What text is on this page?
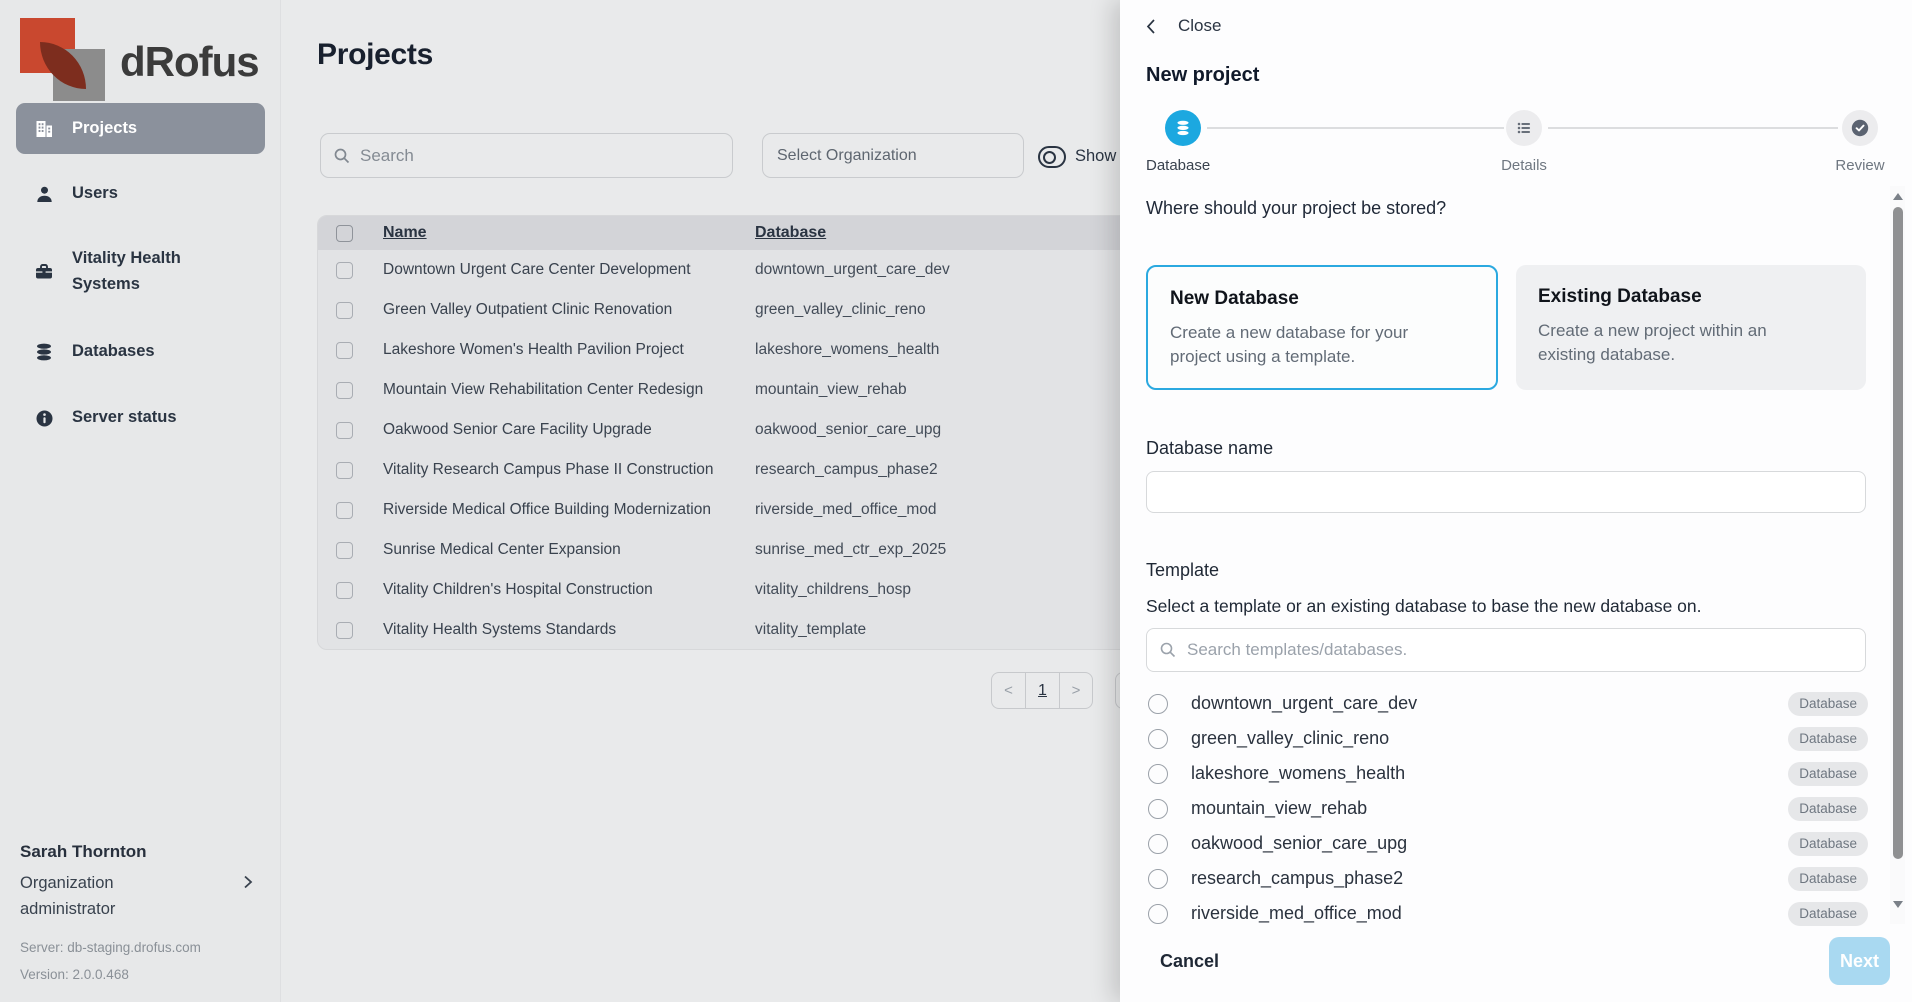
dRofus
Projects
Users
Vitality Health Systems
Databases
Server status
Sarah Thornton
Organization administrator
Server: db-staging.drofus.com
Version: 2.0.0.468
Projects
Search
Select Organization	Show
Name	Database
Downtown Urgent Care Center Development	downtown_urgent_care_dev
Green Valley Outpatient Clinic Renovation	green_valley_clinic_reno
Lakeshore Women's Health Pavilion Project	lakeshore_womens_health
Mountain View Rehabilitation Center Redesign	mountain_view_rehab
Oakwood Senior Care Facility Upgrade	oakwood_senior_care_upg
Vitality Research Campus Phase II Construction	research_campus_phase2
Riverside Medical Office Building Modernization	riverside_med_office_mod
Sunrise Medical Center Expansion	sunrise_med_ctr_exp_2025
Vitality Children's Hospital Construction	vitality_childrens_hosp
Vitality Health Systems Standards	vitality_template
<	1	>
Close
New project
Database	Details	Review
Where should your project be stored?
New Database
Create a new database for your project using a template.
Existing Database
Create a new project within an existing database.
Database name
Template
Select a template or an existing database to base the new database on.
Search templates/databases.
downtown_urgent_care_dev	Database
green_valley_clinic_reno	Database
lakeshore_womens_health	Database
mountain_view_rehab	Database
oakwood_senior_care_upg	Database
research_campus_phase2	Database
riverside_med_office_mod	Database
Cancel	Next
